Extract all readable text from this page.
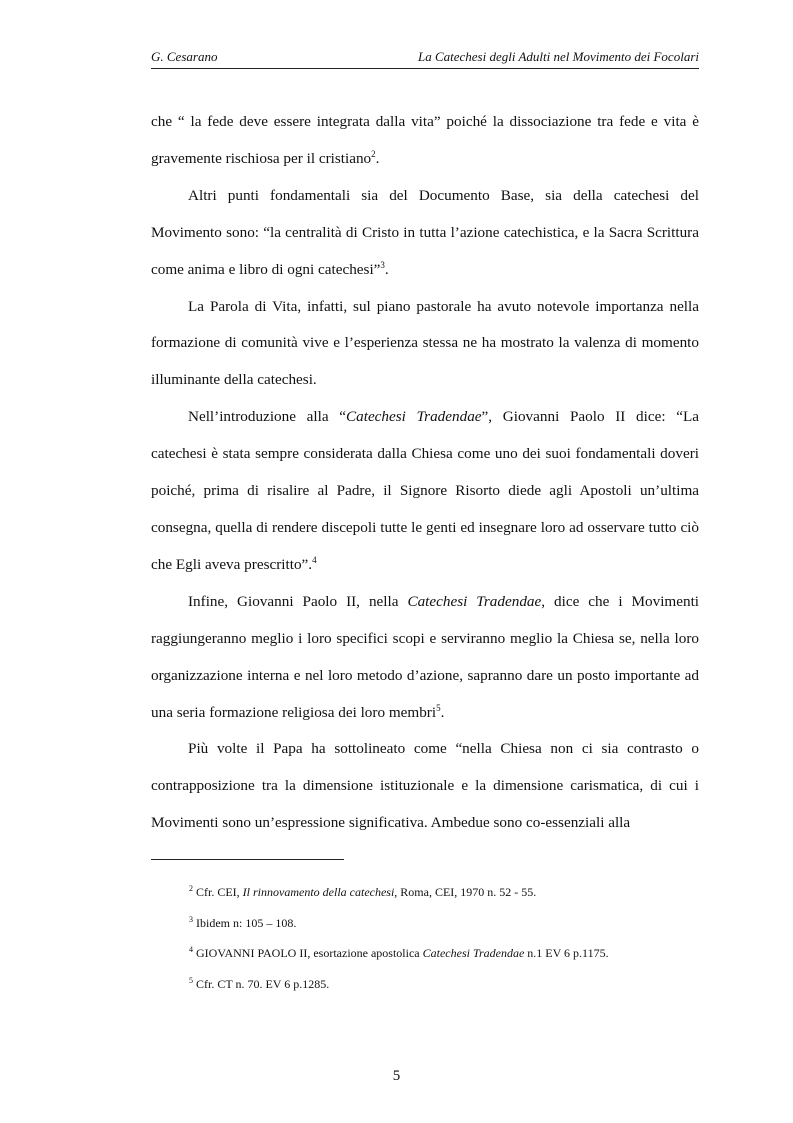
G. Cesarano	La Catechesi degli Adulti nel Movimento dei Focolari

che “ la fede deve essere integrata dalla vita” poiché la dissociazione tra fede e vita è gravemente rischiosa per il cristiano$^2$.

Altri punti fondamentali sia del Documento Base, sia della catechesi del Movimento sono: “la centralità di Cristo in tutta l’azione catechistica, e la Sacra Scrittura come anima e libro di ogni catechesi”$^3$.

La Parola di Vita, infatti, sul piano pastorale ha avuto notevole importanza nella formazione di comunità vive e l’esperienza stessa ne ha mostrato la valenza di momento illuminante della catechesi.

Nell’introduzione alla “Catechesi Tradendae”, Giovanni Paolo II dice: “La catechesi è stata sempre considerata dalla Chiesa come uno dei suoi fondamentali doveri poiché, prima di risalire al Padre, il Signore Risorto diede agli Apostoli un’ultima consegna, quella di rendere discepoli tutte le genti ed insegnare loro ad osservare tutto ciò che Egli aveva prescritto”.$^4$

Infine, Giovanni Paolo II, nella Catechesi Tradendae, dice che i Movimenti raggiungeranno meglio i loro specifici scopi e serviranno meglio la Chiesa se, nella loro organizzazione interna e nel loro metodo d’azione, sapranno dare un posto importante ad una seria formazione religiosa dei loro membri$^5$.

Più volte il Papa ha sottolineato come “nella Chiesa non ci sia contrasto o contrapposizione tra la dimensione istituzionale e la dimensione carismatica, di cui i Movimenti sono un’espressione significativa. Ambedue sono co-essenziali alla

$^2$ Cfr. CEI, Il rinnovamento della catechesi, Roma, CEI, 1970 n. 52 - 55.

$^3$ Ibidem n: 105 – 108.

$^4$ GIOVANNI PAOLO II, esortazione apostolica Catechesi Tradendae n.1 EV 6 p.1175.

$^5$ Cfr. CT n. 70. EV 6 p.1285.

5
